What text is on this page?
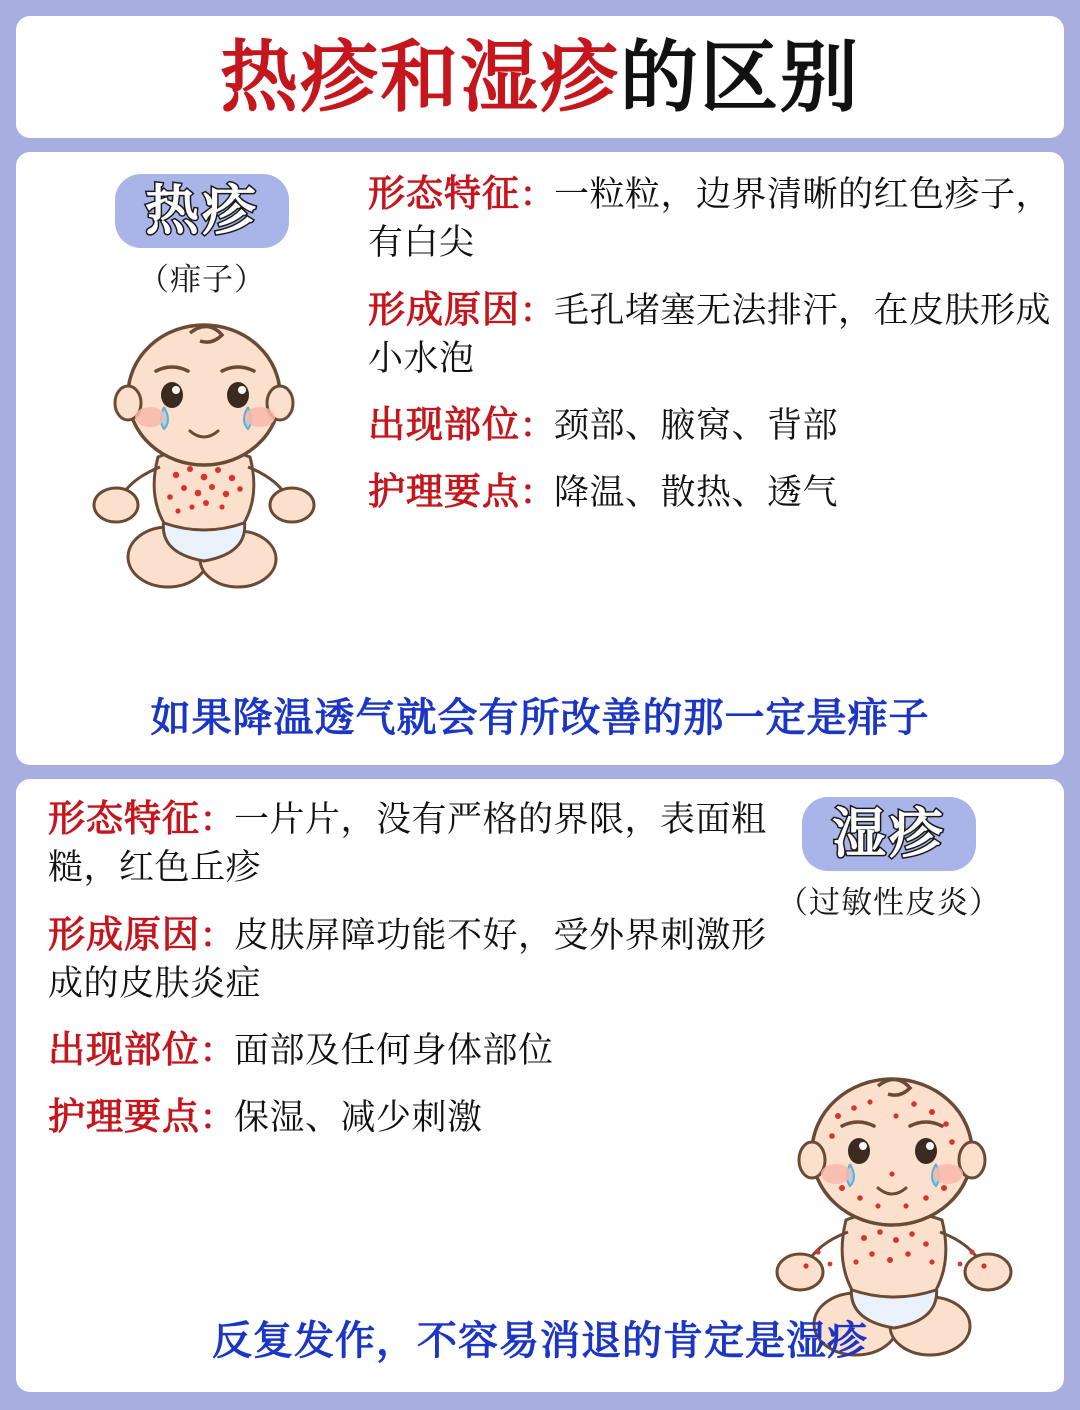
热疹和湿疹的区别
热疹
（痱子）
形态特征：一粒粒，边界清晰的红色疹子，有白尖
形成原因：毛孔堵塞无法排汗，在皮肤形成小水泡
出现部位：颈部、腋窝、背部
护理要点：降温、散热、透气
如果降温透气就会有所改善的那一定是痱子
湿疹
（过敏性皮炎）
形态特征：一片片，没有严格的界限，表面粗糙，红色丘疹
形成原因：皮肤屏障功能不好，受外界刺激形成的皮肤炎症
出现部位：面部及任何身体部位
护理要点：保湿、减少刺激
反复发作，不容易消退的肯定是湿疹
